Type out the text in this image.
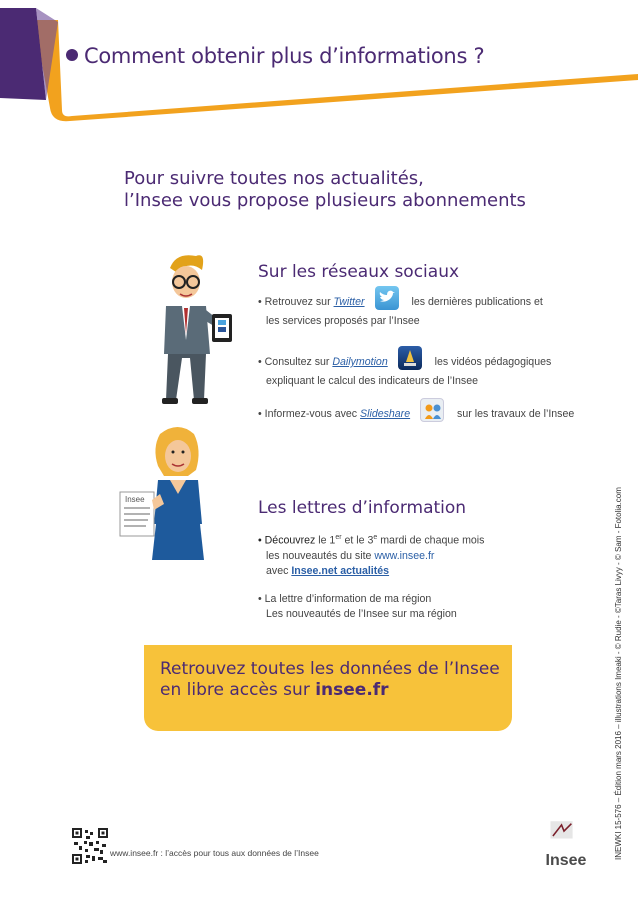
Comment obtenir plus d’informations ?
Pour suivre toutes nos actualités,
l’Insee vous propose plusieurs abonnements
Sur les réseaux sociaux
• Retrouvez sur Twitter	les dernières publications et
les services proposés par l’Insee
• Consultez sur Dailymotion	les vidéos pédagogiques
expliquant le calcul des indicateurs de l’Insee
• Informez-vous avec Slideshare	sur les travaux de l’Insee
Insee	Les lettres d’information
• Découvrez le 1er et le 3e mardi de chaque mois
les nouveautés du site www.insee.fr
avec Insee.net actualités
• La lettre d’information de ma région
Les nouveautés de l’Insee sur ma région
Retrouvez toutes les données de l’Insee
en libre accès sur insee.fr	INEWKI 15-576 – Édition mars 2016 – illustrations Imeaki - © Rudie - ©Taras Livyy - © Sam - Fotolia.com
www.insee.fr : l’accès pour tous aux données de l’Insee	Insee
